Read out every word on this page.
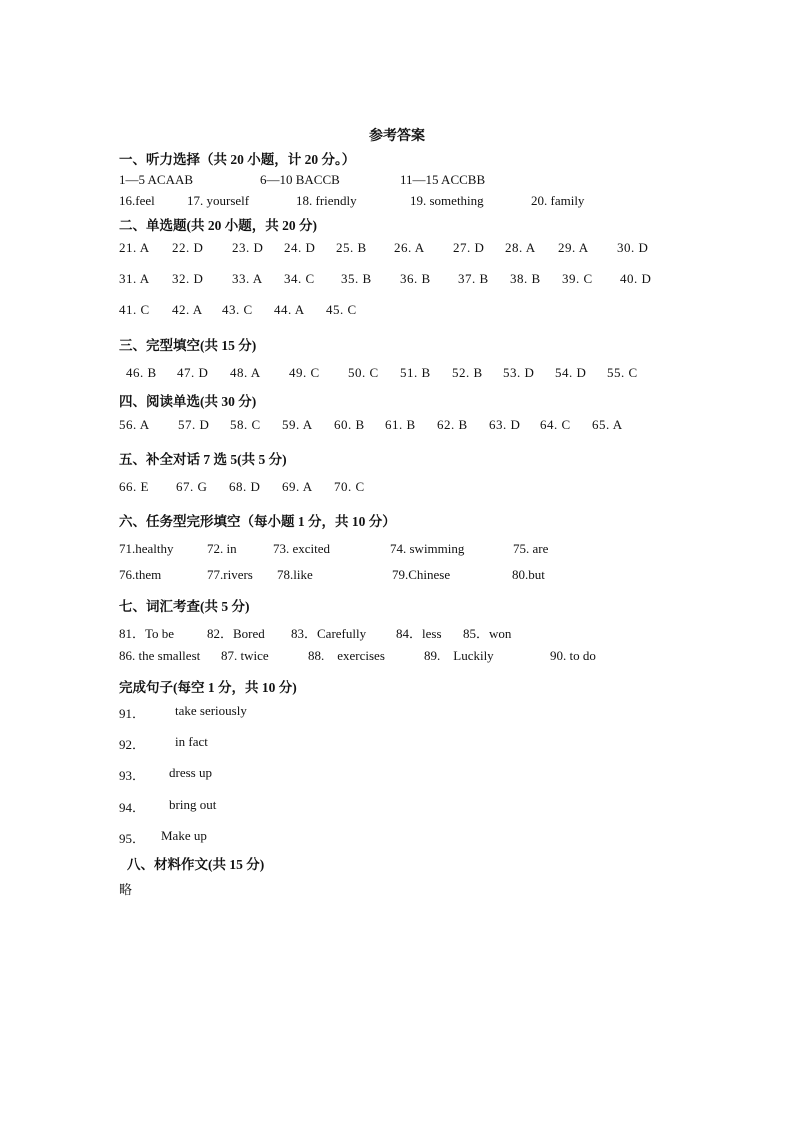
参考答案
一、听力选择（共 20 小题，计 20 分。）
1—5 ACAAB	6—10 BACCB	11—15 ACCBB
16.feel 17. yourself	18. friendly	19. something	20. family
二、单选题(共 20 小题，共 20 分)
21. A 22. D 23. D 24. D 25. B 26. A 27. D 28. A 29. A 30. D
31. A 32. D 33. A 34. C 35. B 36. B 37. B 38. B 39. C 40. D
41. C 42. A 43. C 44. A 45. C
三、完型填空(共 15 分)
46. B 47. D 48. A 49. C 50. C 51. B 52. B 53. D 54. D 55. C
四、阅读单选(共 30 分)
56. A 57. D 58. C 59. A 60. B 61. B 62. B 63. D 64. C 65. A
五、补全对话 7 选 5(共 5 分)
66. E 67. G 68. D 69. A 70. C
六、任务型完形填空（每小题 1 分，共 10 分）
71.healthy	72. in	73. excited	74. swimming	75. are
76.them	77.rivers 78.like	79.Chinese	80.but
七、词汇考查(共 5 分)
81．To be	82．Bored 83．Carefully 84．less 85．won
86. the smallest 87. twice	88.    exercises	89.    Luckily	90. to do
完成句子(每空 1 分，共 10 分)
91． take seriously
92． in fact
93． dress up
94． bring out
95． Make up
八、材料作文(共 15 分)
略
